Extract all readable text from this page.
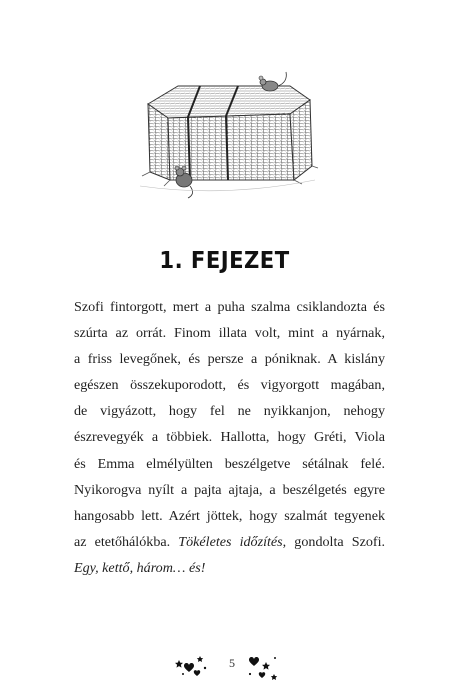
1. FEJEZET
Szofi fintorgott, mert a puha szalma csiklandozta és
szúrta az orrát. Finom illata volt, mint a nyárnak,
a friss levegőnek, és persze a póniknak. A kislány
egészen összekuporodott, és vigyorgott magában,
de vigyázott, hogy fel ne nyikkanjon, nehogy
észrevegyék a többiek. Hallotta, hogy Gréti, Viola
és Emma elmélyülten beszélgetve sétálnak felé.
Nyikorogva nyílt a pajta ajtaja, a beszélgetés egyre
hangosabb lett. Azért jöttek, hogy szalmát tegyenek
az etetőhálókba. Tökéletes időzítés, gondolta Szofi.
Egy, kettő, három… és!
5
